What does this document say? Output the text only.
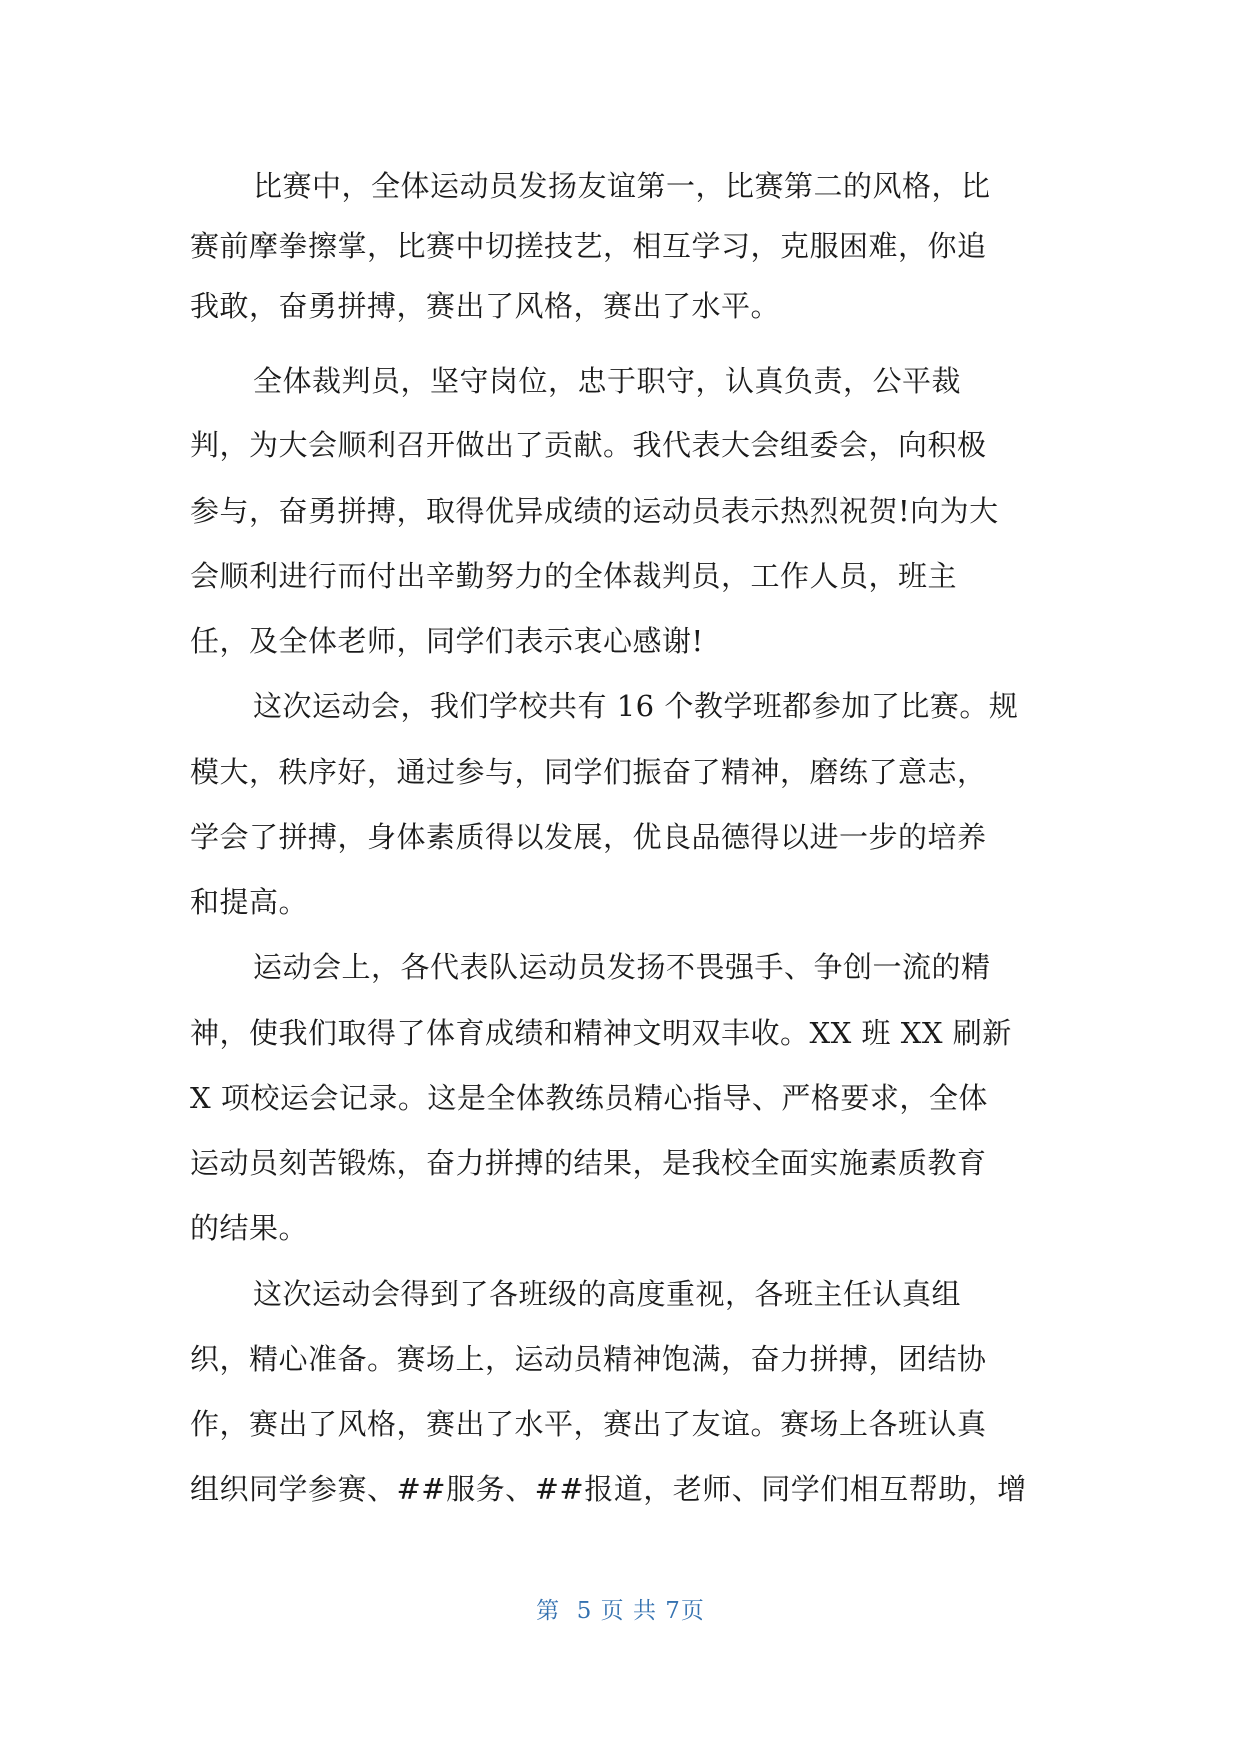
比赛中，全体运动员发扬友谊第一，比赛第二的风格，比
赛前摩拳擦掌，比赛中切搓技艺，相互学习，克服困难，你追
我敢，奋勇拼搏，赛出了风格，赛出了水平。
全体裁判员，坚守岗位，忠于职守，认真负责，公平裁
判，为大会顺利召开做出了贡献。我代表大会组委会，向积极
参与，奋勇拼搏，取得优异成绩的运动员表示热烈祝贺!向为大
会顺利进行而付出辛勤努力的全体裁判员，工作人员，班主
任，及全体老师，同学们表示衷心感谢!
这次运动会，我们学校共有 16 个教学班都参加了比赛。规
模大，秩序好，通过参与，同学们振奋了精神，磨练了意志，
学会了拼搏，身体素质得以发展，优良品德得以进一步的培养
和提高。
运动会上，各代表队运动员发扬不畏强手、争创一流的精
神，使我们取得了体育成绩和精神文明双丰收。XX 班 XX 刷新
X 项校运会记录。这是全体教练员精心指导、严格要求，全体
运动员刻苦锻炼，奋力拼搏的结果，是我校全面实施素质教育
的结果。
这次运动会得到了各班级的高度重视，各班主任认真组
织，精心准备。赛场上，运动员精神饱满，奋力拼搏，团结协
作，赛出了风格，赛出了水平，赛出了友谊。赛场上各班认真
组织同学参赛、##服务、##报道，老师、同学们相互帮助，增
第  5 页 共 7页
